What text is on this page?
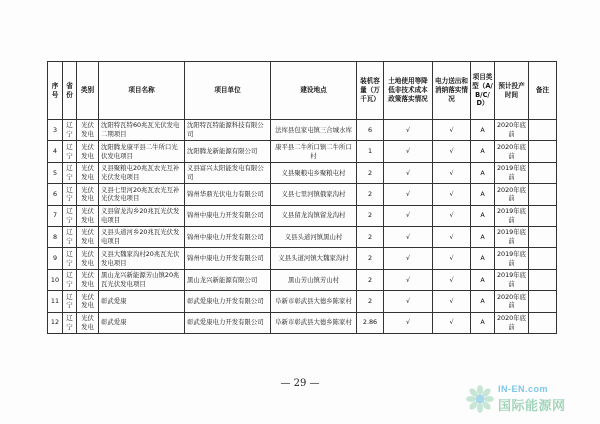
序号	省份	类别	项目名称	项目单位	建设地点	装机容量（万千瓦）	土地使用等降低非技术成本政策落实情况	电力送出和消纳落实情况	项目类型（A/B/C/D）	预计投产时间	备注
3	辽宁	光伏发电	沈阳特瓦特60兆瓦光伏发电二期项目	沈阳特瓦特能源科技有限公司	法库县包家屯镇三合城水库	6	√	√	A	2020年底前	
4	辽宁	光伏发电	沈阳腾龙康平县二牛所口光伏发电项目	沈阳腾龙新能源有限公司	康平县二牛所口镇二牛所口村	1	√	√	A	2020年底前	
5	辽宁	光伏发电	义县聚粮屯20兆瓦农光互补光伏发电项目	义县富兴太阳能发电有限公司	义县聚粮屯乡聚粮屯村	2	√	√	A	2019年底前	
6	辽宁	光伏发电	义县七里河20兆瓦农光互补光伏发电项目	锦州华鼎光伏电力有限公司	义县七里河镇俄家沟村	2	√	√	A	2020年底前	
7	辽宁	光伏发电	义县留龙沟乡20兆瓦光伏发电项目	锦州中康电力开发有限公司	义县留龙沟镇留龙沟村	2	√	√	A	2019年底前	
8	辽宁	光伏发电	义县头道河乡20兆瓦光伏发电项目	锦州中康电力开发有限公司	义县头道河镇黑山村	2	√	√	A	2019年底前	
9	辽宁	光伏发电	义县大魏家沟村20兆瓦光伏发电项目	锦州中康电力开发有限公司	义县头道河镇大魏家沟村	2	√	√	A	2019年底前	
10	辽宁	光伏发电	黑山龙兴新能源芳山镇20兆瓦光伏发电项目	黑山龙兴新能源有限公司	黑山芳山镇芳山村	2	√	√	A	2019年底前	
11	辽宁	光伏发电	彰武爱康	彰武爱康电力开发有限公司	阜新市彰武县大德乡陈家村	2	√	√	A	2020年底前	
12	辽宁	光伏发电	彰武爱康	彰武爱康电力开发有限公司	阜新市彰武县大德乡陈家村	2.86	√	√	A	2020年底前	
— 29 —	IN-EN.com
国际能源网
